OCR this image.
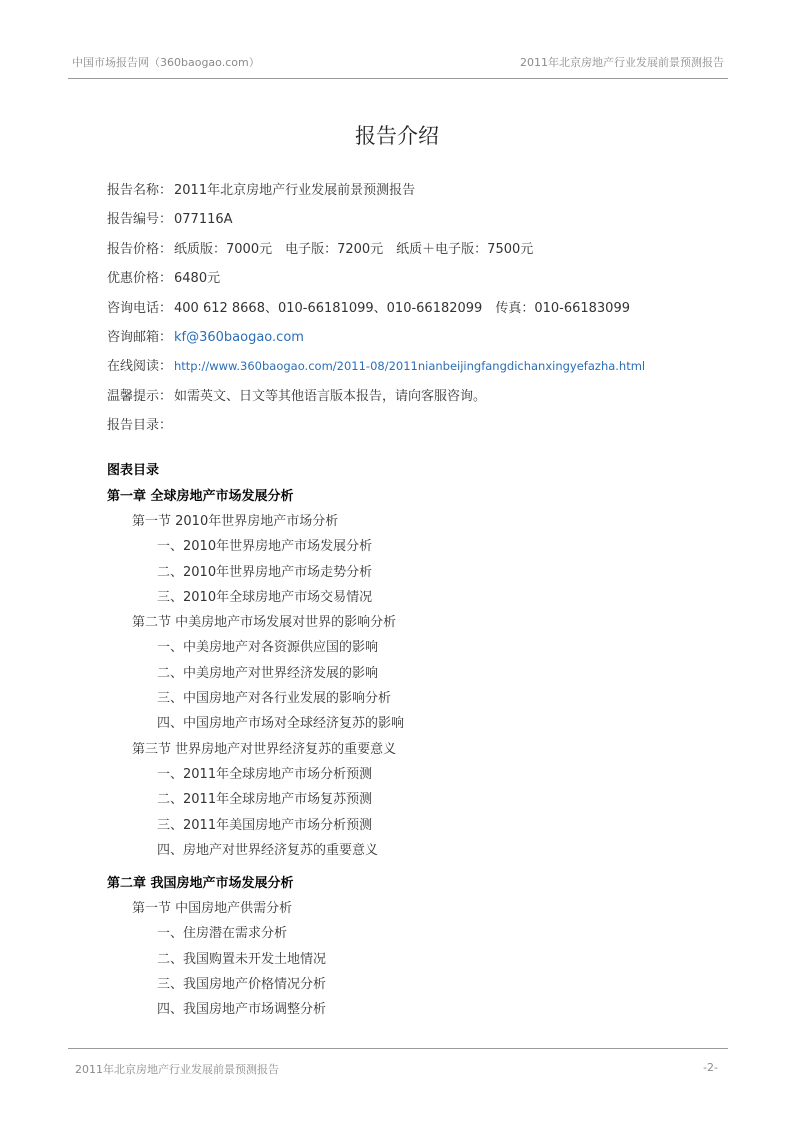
中国市场报告网（360baogao.com）	2011年北京房地产行业发展前景预测报告
报告介绍
报告名称： 2011年北京房地产行业发展前景预测报告
报告编号： 077116A
报告价格： 纸质版：7000元　电子版：7200元　纸质＋电子版：7500元
优惠价格： 6480元
咨询电话： 400 612 8668、010-66181099、010-66182099　传真：010-66183099
咨询邮箱： kf@360baogao.com
在线阅读： http://www.360baogao.com/2011-08/2011nianbeijingfangdichanxingyefazha.html
温馨提示： 如需英文、日文等其他语言版本报告，请向客服咨询。
报告目录：
图表目录
第一章 全球房地产市场发展分析
第一节 2010年世界房地产市场分析
一、2010年世界房地产市场发展分析
二、2010年世界房地产市场走势分析
三、2010年全球房地产市场交易情况
第二节 中美房地产市场发展对世界的影响分析
一、中美房地产对各资源供应国的影响
二、中美房地产对世界经济发展的影响
三、中国房地产对各行业发展的影响分析
四、中国房地产市场对全球经济复苏的影响
第三节 世界房地产对世界经济复苏的重要意义
一、2011年全球房地产市场分析预测
二、2011年全球房地产市场复苏预测
三、2011年美国房地产市场分析预测
四、房地产对世界经济复苏的重要意义
第二章 我国房地产市场发展分析
第一节 中国房地产供需分析
一、住房潜在需求分析
二、我国购置未开发土地情况
三、我国房地产价格情况分析
四、我国房地产市场调整分析
2011年北京房地产行业发展前景预测报告	-2-
